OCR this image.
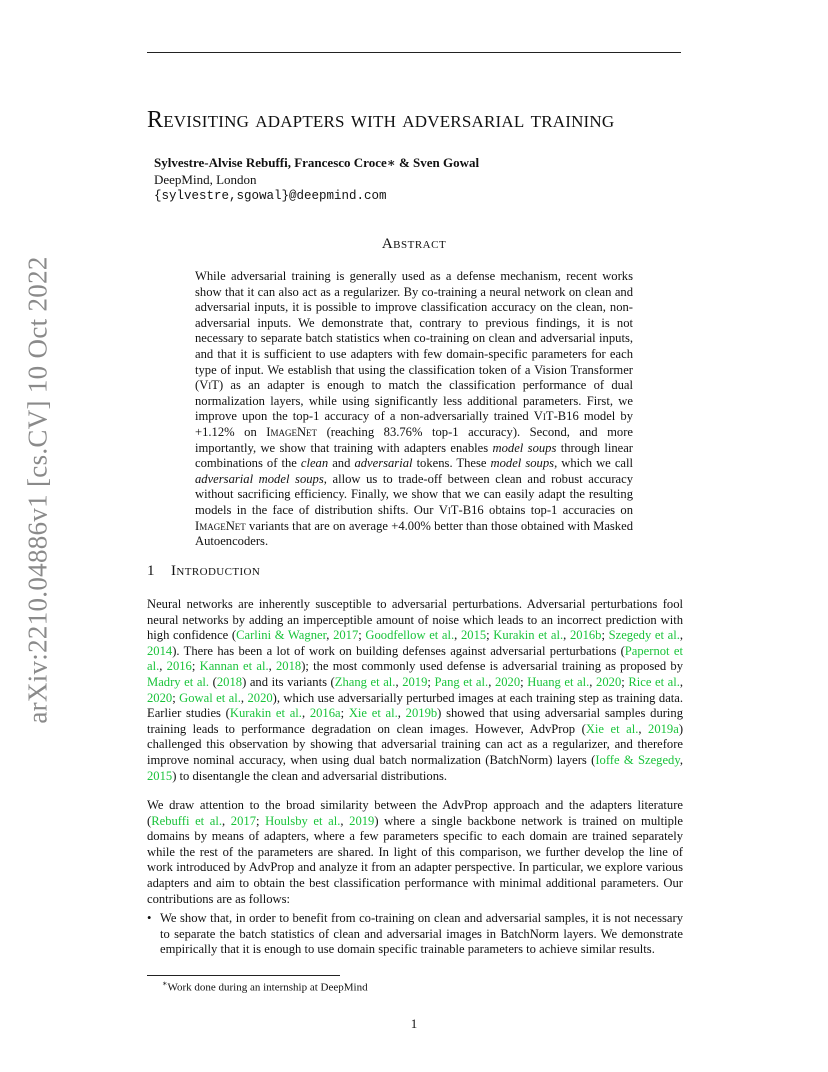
Revisiting adapters with adversarial training
Sylvestre-Alvise Rebuffi, Francesco Croce∗ & Sven Gowal
DeepMind, London
{sylvestre,sgowal}@deepmind.com
arXiv:2210.04886v1 [cs.CV] 10 Oct 2022
Abstract
While adversarial training is generally used as a defense mechanism, recent works show that it can also act as a regularizer. By co-training a neural network on clean and adversarial inputs, it is possible to improve classification accuracy on the clean, non-adversarial inputs. We demonstrate that, contrary to previous findings, it is not necessary to separate batch statistics when co-training on clean and adversarial inputs, and that it is sufficient to use adapters with few domain-specific parameters for each type of input. We establish that using the classification token of a Vision Transformer (ViT) as an adapter is enough to match the classification performance of dual normalization layers, while using significantly less additional parameters. First, we improve upon the top-1 accuracy of a non-adversarially trained ViT-B16 model by +1.12% on ImageNet (reaching 83.76% top-1 accuracy). Second, and more importantly, we show that training with adapters enables model soups through linear combinations of the clean and adversarial tokens. These model soups, which we call adversarial model soups, allow us to trade-off between clean and robust accuracy without sacrificing efficiency. Finally, we show that we can easily adapt the resulting models in the face of distribution shifts. Our ViT-B16 obtains top-1 accuracies on ImageNet variants that are on average +4.00% better than those obtained with Masked Autoencoders.
1 Introduction
Neural networks are inherently susceptible to adversarial perturbations. Adversarial perturbations fool neural networks by adding an imperceptible amount of noise which leads to an incorrect prediction with high confidence (Carlini & Wagner, 2017; Goodfellow et al., 2015; Kurakin et al., 2016b; Szegedy et al., 2014). There has been a lot of work on building defenses against adversarial perturbations (Papernot et al., 2016; Kannan et al., 2018); the most commonly used defense is adversarial training as proposed by Madry et al. (2018) and its variants (Zhang et al., 2019; Pang et al., 2020; Huang et al., 2020; Rice et al., 2020; Gowal et al., 2020), which use adversarially perturbed images at each training step as training data. Earlier studies (Kurakin et al., 2016a; Xie et al., 2019b) showed that using adversarial samples during training leads to performance degradation on clean images. However, AdvProp (Xie et al., 2019a) challenged this observation by showing that adversarial training can act as a regularizer, and therefore improve nominal accuracy, when using dual batch normalization (BatchNorm) layers (Ioffe & Szegedy, 2015) to disentangle the clean and adversarial distributions.
We draw attention to the broad similarity between the AdvProp approach and the adapters literature (Rebuffi et al., 2017; Houlsby et al., 2019) where a single backbone network is trained on multiple domains by means of adapters, where a few parameters specific to each domain are trained separately while the rest of the parameters are shared. In light of this comparison, we further develop the line of work introduced by AdvProp and analyze it from an adapter perspective. In particular, we explore various adapters and aim to obtain the best classification performance with minimal additional parameters. Our contributions are as follows:
• We show that, in order to benefit from co-training on clean and adversarial samples, it is not necessary to separate the batch statistics of clean and adversarial images in BatchNorm layers. We demonstrate empirically that it is enough to use domain specific trainable parameters to achieve similar results.
∗Work done during an internship at DeepMind
1
